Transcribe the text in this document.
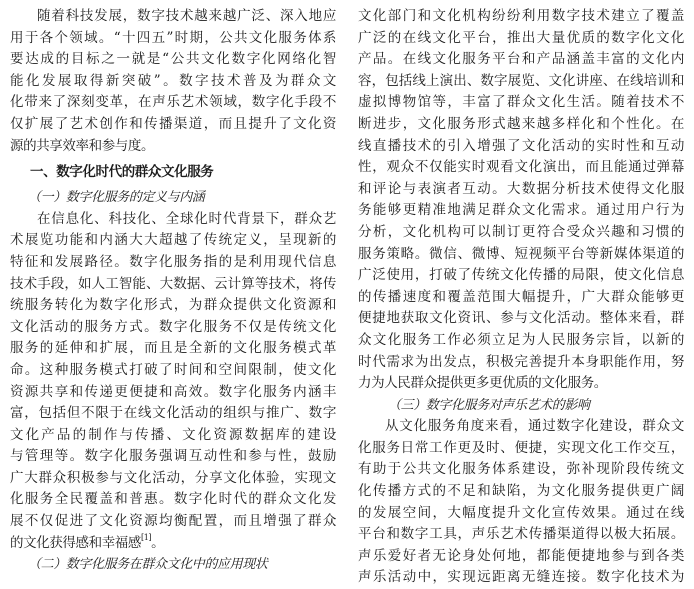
随着科技发展，数字技术越来越广泛、深入地应
用于各个领域。“十四五”时期，公共文化服务体系
要达成的目标之一就是“公共文化数字化网络化智
能化发展取得新突破”。数字技术普及为群众文
化带来了深刻变革，在声乐艺术领域，数字化手段不
仅扩展了艺术创作和传播渠道，而且提升了文化资
源的共享效率和参与度。
一、数字化时代的群众文化服务
（一）数字化服务的定义与内涵
在信息化、科技化、全球化时代背景下，群众艺
术展览功能和内涵大大超越了传统定义，呈现新的
特征和发展路径。数字化服务指的是利用现代信息
技术手段，如人工智能、大数据、云计算等技术，将传
统服务转化为数字化形式，为群众提供文化资源和
文化活动的服务方式。数字化服务不仅是传统文化
服务的延伸和扩展，而且是全新的文化服务模式革
命。这种服务模式打破了时间和空间限制，使文化
资源共享和传递更便捷和高效。数字化服务内涵丰
富，包括但不限于在线文化活动的组织与推广、数字
文化产品的制作与传播、文化资源数据库的建设
与管理等。数字化服务强调互动性和参与性，鼓励
广大群众积极参与文化活动，分享文化体验，实现文
化服务全民覆盖和普惠。数字化时代的群众文化发
展不仅促进了文化资源均衡配置，而且增强了群众
的文化获得感和幸福感[1]。
（二）数字化服务在群众文化中的应用现状
文化部门和文化机构纷纷利用数字技术建立了覆盖
广泛的在线文化平台，推出大量优质的数字化文化
产品。在线文化服务平台和产品涵盖丰富的文化内
容，包括线上演出、数字展览、文化讲座、在线培训和
虚拟博物馆等，丰富了群众文化生活。随着技术不
断进步，文化服务形式越来越多样化和个性化。在
线直播技术的引入增强了文化活动的实时性和互动
性，观众不仅能实时观看文化演出，而且能通过弹幕
和评论与表演者互动。大数据分析技术使得文化服
务能够更精准地满足群众文化需求。通过用户行为
分析，文化机构可以制订更符合受众兴趣和习惯的
服务策略。微信、微博、短视频平台等新媒体渠道的
广泛使用，打破了传统文化传播的局限，使文化信息
的传播速度和覆盖范围大幅提升，广大群众能够更
便捷地获取文化资讯、参与文化活动。整体来看，群
众文化服务工作必须立足为人民服务宗旨，以新的
时代需求为出发点，积极完善提升本身职能作用，努
力为人民群众提供更多更优质的文化服务。
（三）数字化服务对声乐艺术的影响
从文化服务角度来看，通过数字化建设，群众文
化服务日常工作更及时、便捷，实现文化工作交互，
有助于公共文化服务体系建设，弥补现阶段传统文
化传播方式的不足和缺陷，为文化服务提供更广阔
的发展空间，大幅度提升文化宣传效果。通过在线
平台和数字工具，声乐艺术传播渠道得以极大拓展。
声乐爱好者无论身处何地，都能便捷地参与到各类
声乐活动中，实现远距离无缝连接。数字化技术为
